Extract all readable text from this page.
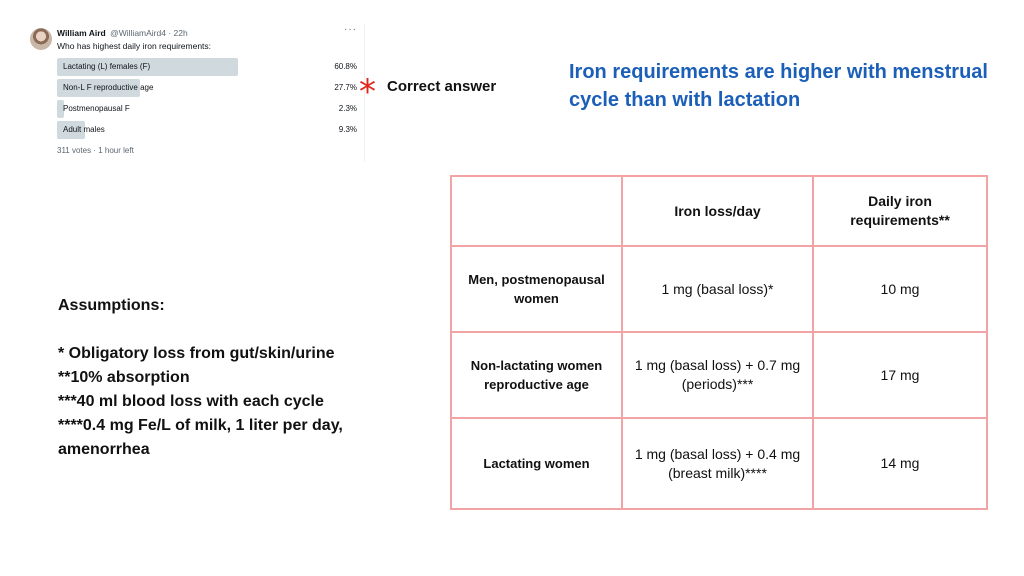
William Aird @WilliamAird4 · 22h	···
Who has highest daily iron requirements:
Lactating (L) females (F)	60.8%
Non-L F reproductive age	27.7%
Postmenopausal F	2.3%
Adult males	9.3%
311 votes · 1 hour left
* Correct answer
Iron requirements are higher with menstrual cycle than with lactation
Assumptions:
* Obligatory loss from gut/skin/urine
**10% absorption
***40 ml blood loss with each cycle
****0.4 mg Fe/L of milk, 1 liter per day, amenorrhea
	Iron loss/day	Daily iron requirements**
Men, postmenopausal women	1 mg (basal loss)*	10 mg
Non-lactating women reproductive age	1 mg (basal loss) + 0.7 mg (periods)***	17 mg
Lactating women	1 mg (basal loss) + 0.4 mg (breast milk)****	14 mg
